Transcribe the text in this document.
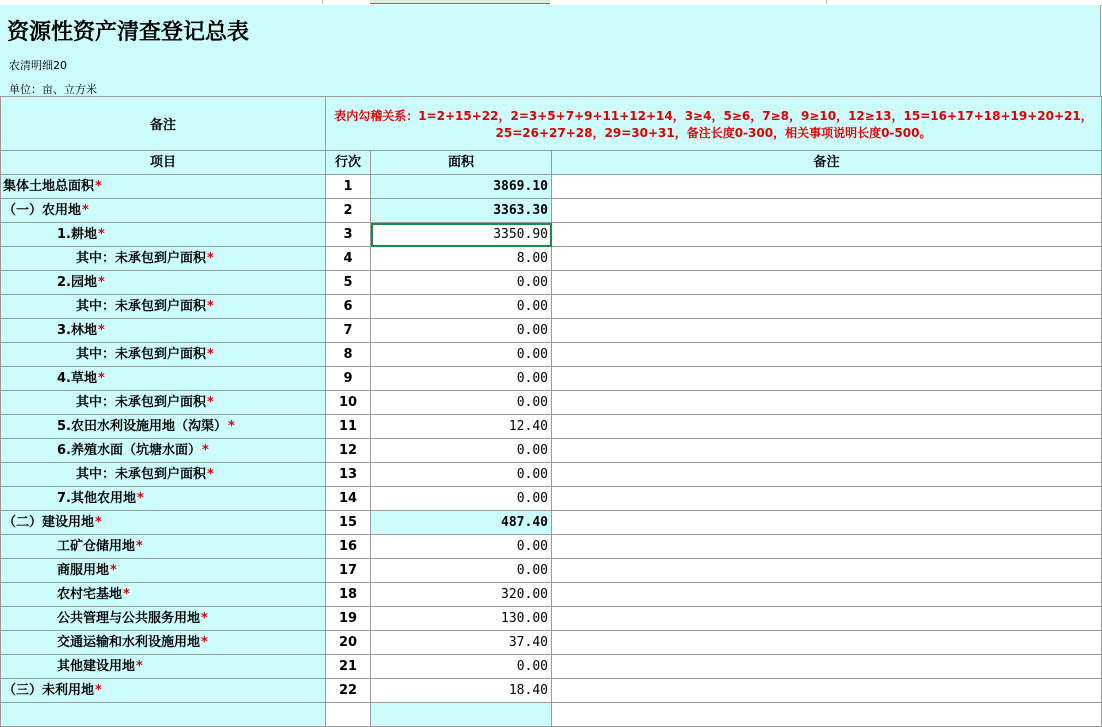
资源性资产清查登记总表
农清明细20
单位：亩、立方米
备注	表内勾稽关系：1=2+15+22，2=3+5+7+9+11+12+14，3≥4，5≥6，7≥8，9≥10，12≥13，15=16+17+18+19+20+21，25=26+27+28，29=30+31，备注长度0-300，相关事项说明长度0-500。		
项目	行次	面积	备注
集体土地总面积*	1	3869.10	
（一）农用地*	2	3363.30	
1.耕地*	3	3350.90	
其中：未承包到户面积*	4	8.00	
2.园地*	5	0.00	
其中：未承包到户面积*	6	0.00	
3.林地*	7	0.00	
其中：未承包到户面积*	8	0.00	
4.草地*	9	0.00	
其中：未承包到户面积*	10	0.00	
5.农田水利设施用地（沟渠）*	11	12.40	
6.养殖水面（坑塘水面）*	12	0.00	
其中：未承包到户面积*	13	0.00	
7.其他农用地*	14	0.00	
（二）建设用地*	15	487.40	
工矿仓储用地*	16	0.00	
商服用地*	17	0.00	
农村宅基地*	18	320.00	
公共管理与公共服务用地*	19	130.00	
交通运输和水利设施用地*	20	37.40	
其他建设用地*	21	0.00	
（三）未利用地*	22	18.40	
